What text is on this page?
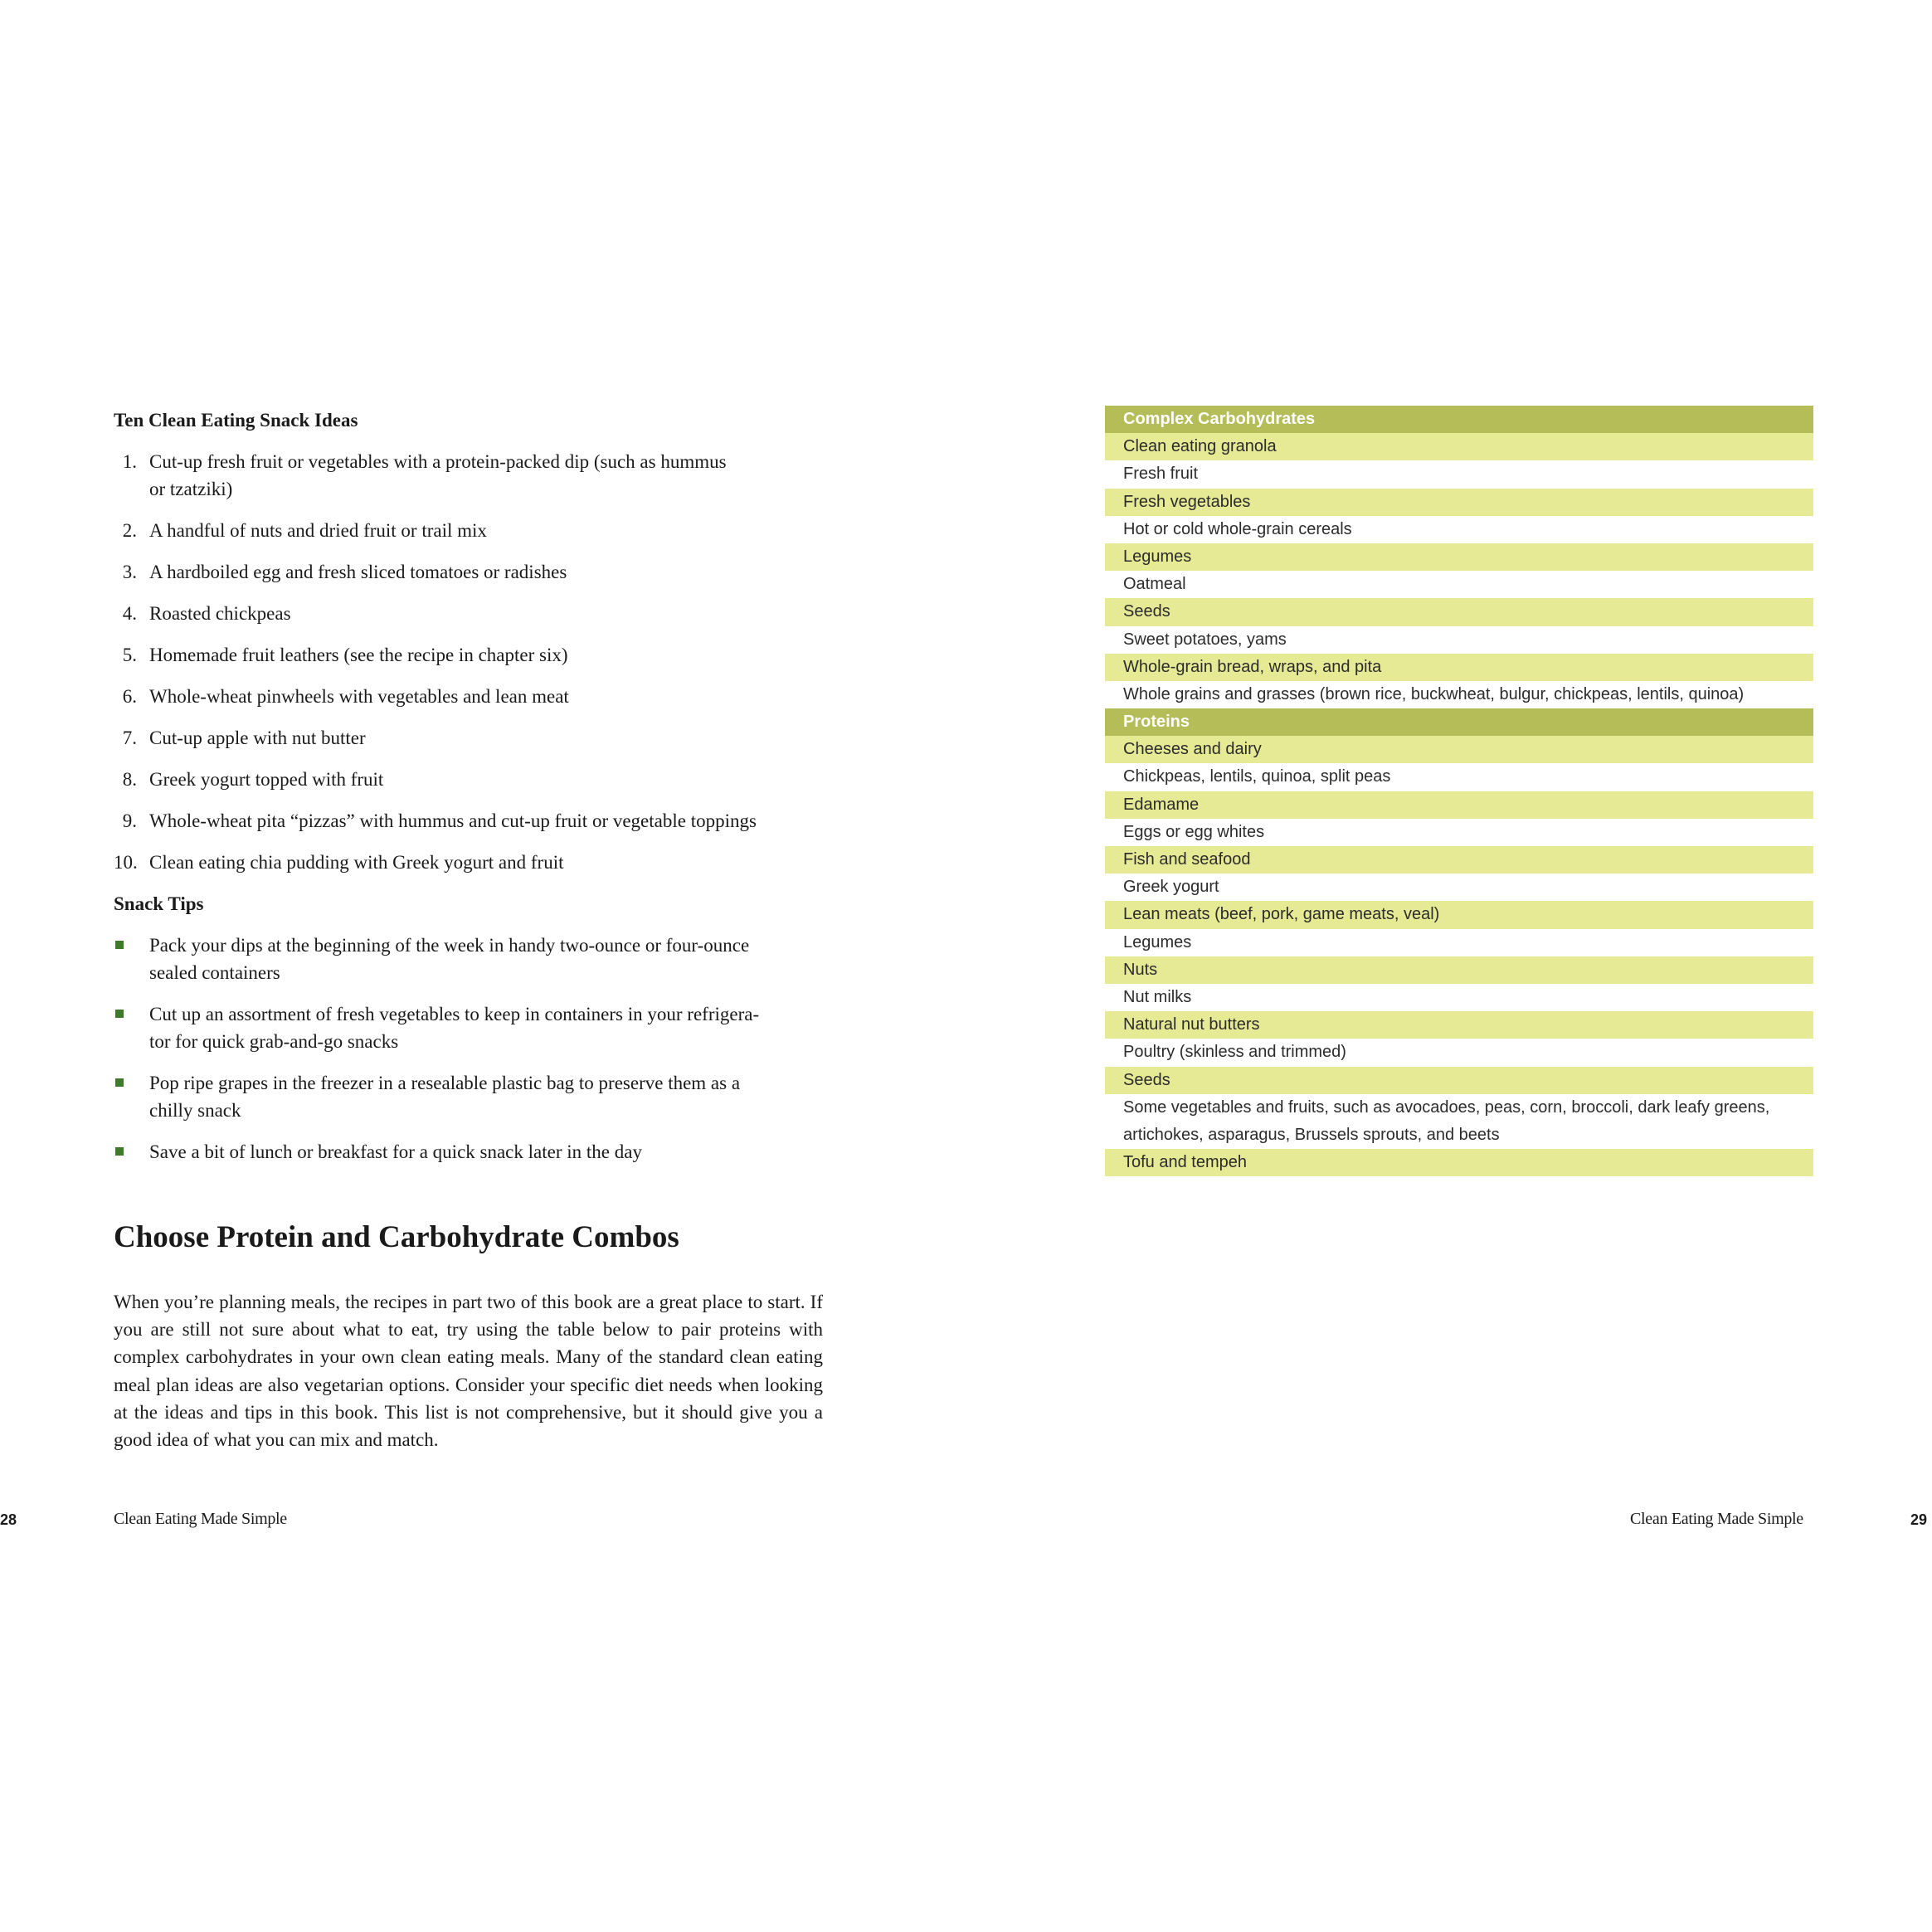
Ten Clean Eating Snack Ideas

1. Cut-up fresh fruit or vegetables with a protein-packed dip (such as hummus
or tzatziki)
2. A handful of nuts and dried fruit or trail mix
3. A hardboiled egg and fresh sliced tomatoes or radishes
4. Roasted chickpeas
5. Homemade fruit leathers (see the recipe in chapter six)
6. Whole-wheat pinwheels with vegetables and lean meat
7. Cut-up apple with nut butter
8. Greek yogurt topped with fruit
9. Whole-wheat pita “pizzas” with hummus and cut-up fruit or vegetable toppings
10. Clean eating chia pudding with Greek yogurt and fruit

Snack Tips

Pack your dips at the beginning of the week in handy two-ounce or four-ounce
sealed containers
Cut up an assortment of fresh vegetables to keep in containers in your refrigera-
tor for quick grab-and-go snacks
Pop ripe grapes in the freezer in a resealable plastic bag to preserve them as a
chilly snack
Save a bit of lunch or breakfast for a quick snack later in the day
Choose Protein and Carbohydrate Combos

When you’re planning meals, the recipes in part two of this book are a great place to start. If you are still not sure about what to eat, try using the table below to pair proteins with complex carbohydrates in your own clean eating meals. Many of the standard clean eating meal plan ideas are also vegetarian options. Consider your specific diet needs when looking at the ideas and tips in this book. This list is not comprehensive, but it should give you a good idea of what you can mix and match.

28	Clean Eating Made Simple
Complex Carbohydrates
Clean eating granola
Fresh fruit
Fresh vegetables
Hot or cold whole-grain cereals
Legumes
Oatmeal
Seeds
Sweet potatoes, yams
Whole-grain bread, wraps, and pita
Whole grains and grasses (brown rice, buckwheat, bulgur, chickpeas, lentils, quinoa)
Proteins
Cheeses and dairy
Chickpeas, lentils, quinoa, split peas
Edamame
Eggs or egg whites
Fish and seafood
Greek yogurt
Lean meats (beef, pork, game meats, veal)
Legumes
Nuts
Nut milks
Natural nut butters
Poultry (skinless and trimmed)
Seeds
Some vegetables and fruits, such as avocadoes, peas, corn, broccoli, dark leafy greens, artichokes, asparagus, Brussels sprouts, and beets
Tofu and tempeh
Clean Eating Made Simple	29
